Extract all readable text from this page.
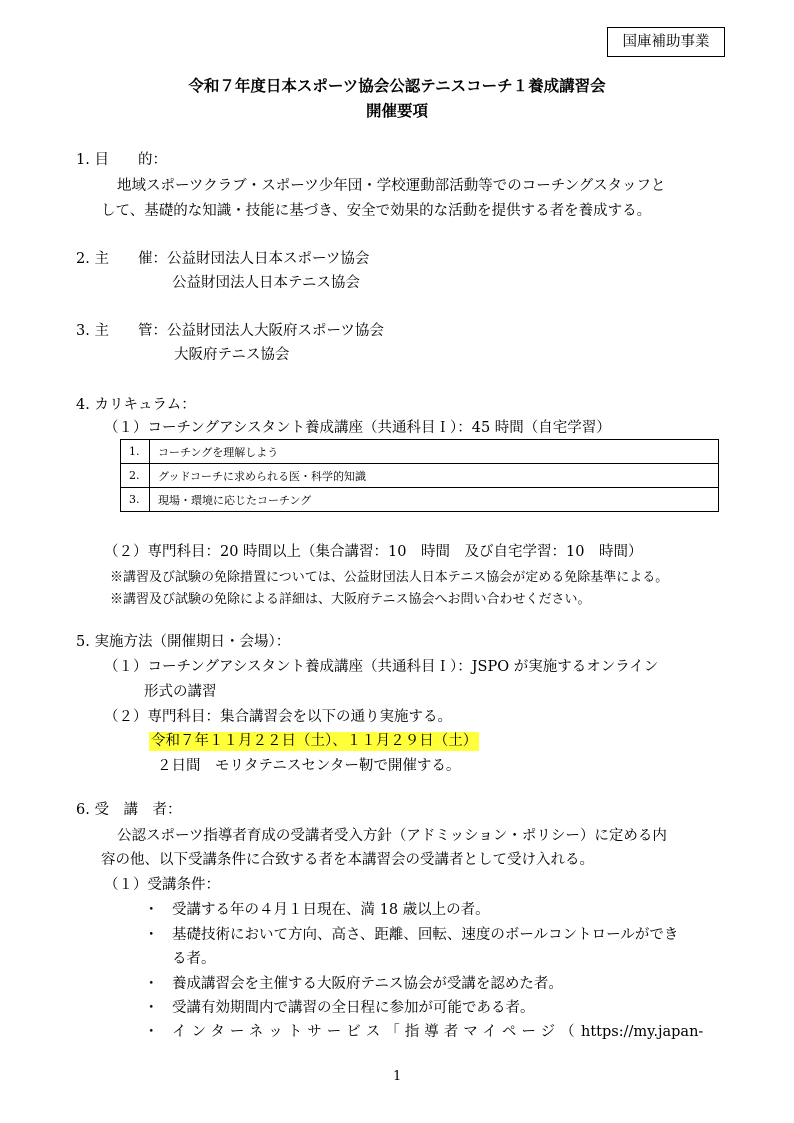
国庫補助事業
令和７年度日本スポーツ協会公認テニスコーチ１養成講習会
開催要項
1. 目　　的：
地域スポーツクラブ・スポーツ少年団・学校運動部活動等でのコーチングスタッフと
して、基礎的な知識・技能に基づき、安全で効果的な活動を提供する者を養成する。
2. 主　　催：公益財団法人日本スポーツ協会
公益財団法人日本テニス協会
3. 主　　管：公益財団法人大阪府スポーツ協会
大阪府テニス協会
4. カリキュラム：
（１）コーチングアシスタント養成講座（共通科目Ｉ）：45 時間（自宅学習）
1.	コーチングを理解しよう
2.	グッドコーチに求められる医・科学的知識
3.	現場・環境に応じたコーチング
（２）専門科目：20 時間以上（集合講習：10　時間　及び自宅学習：10　時間）
※講習及び試験の免除措置については、公益財団法人日本テニス協会が定める免除基準による。
※講習及び試験の免除による詳細は、大阪府テニス協会へお問い合わせください。
5. 実施方法（開催期日・会場）：
（１）コーチングアシスタント養成講座（共通科目Ｉ）：JSPO が実施するオンライン
形式の講習
（２）専門科目：集合講習会を以下の通り実施する。
令和７年１１月２２日（土）、１１月２９日（土）
２日間　モリタテニスセンター靭で開催する。
6. 受　講　者：
公認スポーツ指導者育成の受講者受入方針（アドミッション・ポリシー）に定める内
容の他、以下受講条件に合致する者を本講習会の受講者として受け入れる。
（１）受講条件：
・ 受講する年の４月１日現在、満 18 歳以上の者。
・ 基礎技術において方向、高さ、距離、回転、速度のボールコントロールができ
る者。
・ 養成講習会を主催する大阪府テニス協会が受講を認めた者。
・ 受講有効期間内で講習の全日程に参加が可能である者。
・ インターネットサービス「指導者マイページ（ https://my.japan-
1
